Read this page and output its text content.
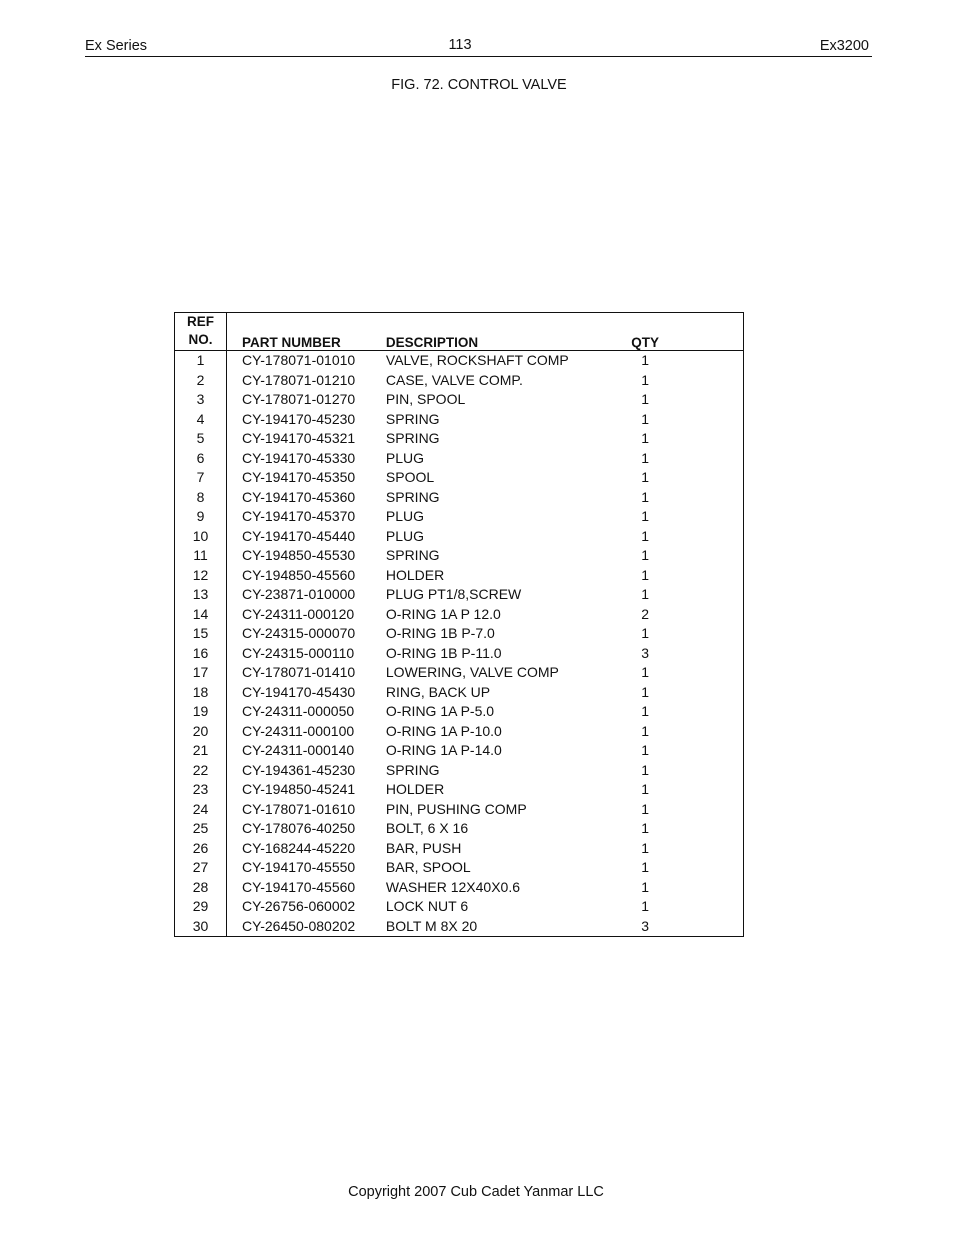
Ex Series	113	Ex3200
FIG. 72. CONTROL VALVE
REF
NO.	PART NUMBER	DESCRIPTION	QTY
1	CY-178071-01010	VALVE, ROCKSHAFT COMP	1
2	CY-178071-01210	CASE, VALVE COMP.	1
3	CY-178071-01270	PIN, SPOOL	1
4	CY-194170-45230	SPRING	1
5	CY-194170-45321	SPRING	1
6	CY-194170-45330	PLUG	1
7	CY-194170-45350	SPOOL	1
8	CY-194170-45360	SPRING	1
9	CY-194170-45370	PLUG	1
10	CY-194170-45440	PLUG	1
11	CY-194850-45530	SPRING	1
12	CY-194850-45560	HOLDER	1
13	CY-23871-010000	PLUG PT1/8,SCREW	1
14	CY-24311-000120	O-RING 1A P 12.0	2
15	CY-24315-000070	O-RING 1B P-7.0	1
16	CY-24315-000110	O-RING 1B P-11.0	3
17	CY-178071-01410	LOWERING, VALVE COMP	1
18	CY-194170-45430	RING, BACK UP	1
19	CY-24311-000050	O-RING 1A P-5.0	1
20	CY-24311-000100	O-RING 1A P-10.0	1
21	CY-24311-000140	O-RING 1A P-14.0	1
22	CY-194361-45230	SPRING	1
23	CY-194850-45241	HOLDER	1
24	CY-178071-01610	PIN, PUSHING COMP	1
25	CY-178076-40250	BOLT, 6 X 16	1
26	CY-168244-45220	BAR, PUSH	1
27	CY-194170-45550	BAR, SPOOL	1
28	CY-194170-45560	WASHER 12X40X0.6	1
29	CY-26756-060002	LOCK NUT 6	1
30	CY-26450-080202	BOLT M 8X 20	3
Copyright 2007 Cub Cadet Yanmar LLC
